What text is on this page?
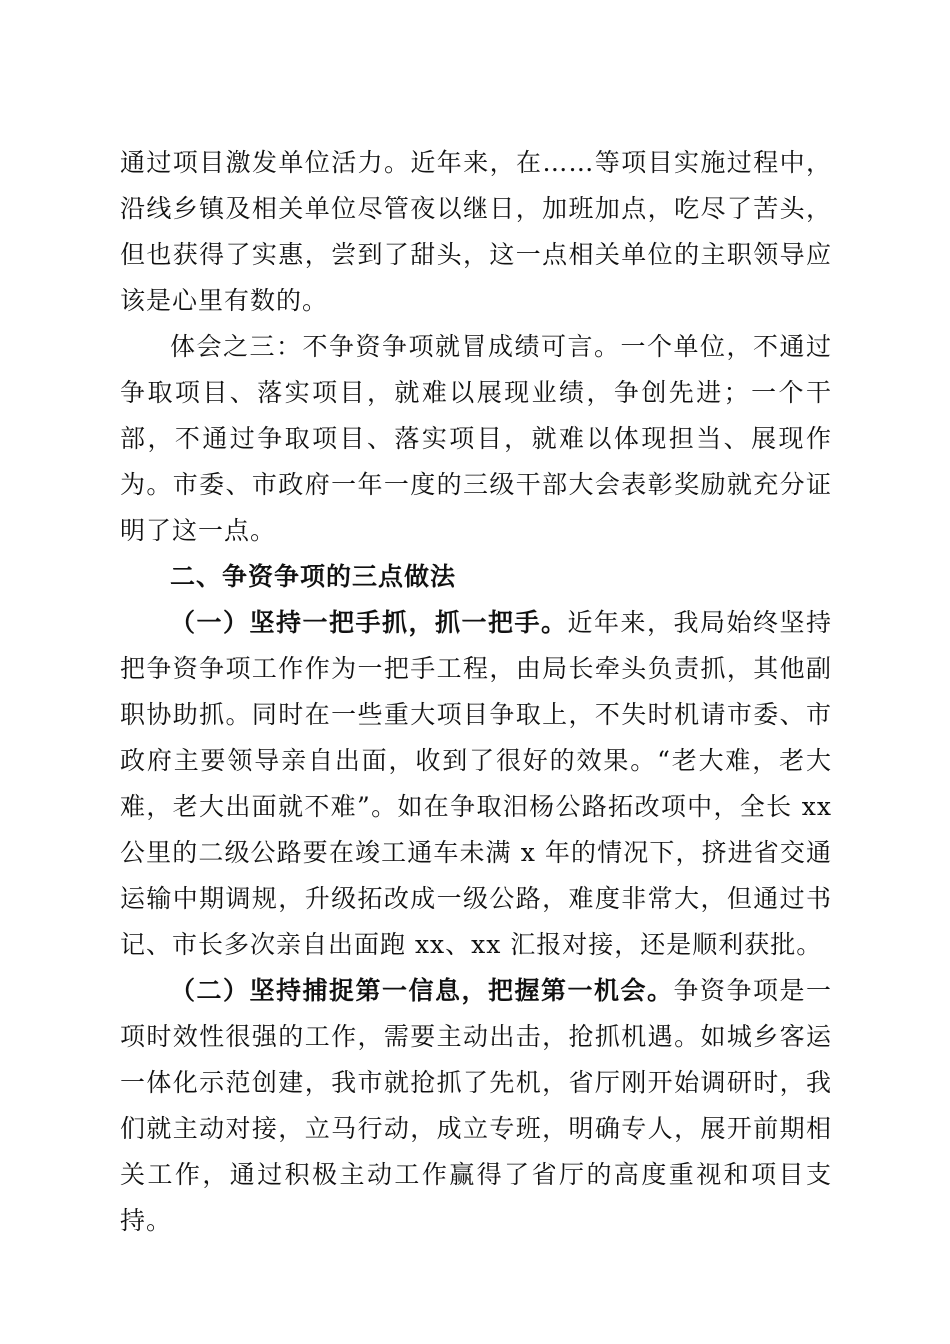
通过项目激发单位活力。近年来，在……等项目实施过程中，沿线乡镇及相关单位尽管夜以继日，加班加点，吃尽了苦头，但也获得了实惠，尝到了甜头，这一点相关单位的主职领导应该是心里有数的。

体会之三：不争资争项就冒成绩可言。一个单位，不通过争取项目、落实项目，就难以展现业绩，争创先进；一个干部，不通过争取项目、落实项目，就难以体现担当、展现作为。市委、市政府一年一度的三级干部大会表彰奖励就充分证明了这一点。

二、争资争项的三点做法

（一）坚持一把手抓，抓一把手。近年来，我局始终坚持把争资争项工作作为一把手工程，由局长牵头负责抓，其他副职协助抓。同时在一些重大项目争取上，不失时机请市委、市政府主要领导亲自出面，收到了很好的效果。“老大难，老大难，老大出面就不难”。如在争取汨杨公路拓改项中，全长 xx 公里的二级公路要在竣工通车未满 x 年的情况下，挤进省交通运输中期调规，升级拓改成一级公路，难度非常大，但通过书记、市长多次亲自出面跑 xx、xx 汇报对接，还是顺利获批。

（二）坚持捕捉第一信息，把握第一机会。争资争项是一项时效性很强的工作，需要主动出击，抢抓机遇。如城乡客运一体化示范创建，我市就抢抓了先机，省厅刚开始调研时，我们就主动对接，立马行动，成立专班，明确专人，展开前期相关工作，通过积极主动工作赢得了省厅的高度重视和项目支持。
